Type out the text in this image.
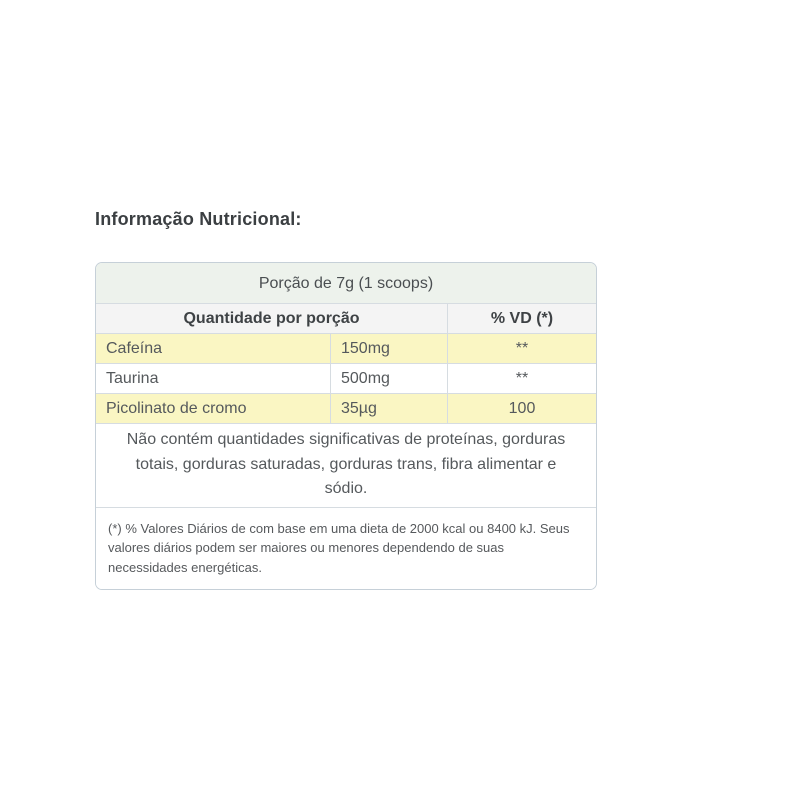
Informação Nutricional:
Porção de 7g (1 scoops)		
Quantidade por porção		% VD (*)
Cafeína	150mg	**
Taurina	500mg	**
Picolinato de cromo	35µg	100
Não contém quantidades significativas de proteínas, gorduras totais, gorduras saturadas, gorduras trans, fibra alimentar e sódio.		
(*) % Valores Diários de com base em uma dieta de 2000 kcal ou 8400 kJ. Seus valores diários podem ser maiores ou menores dependendo de suas necessidades energéticas.		
